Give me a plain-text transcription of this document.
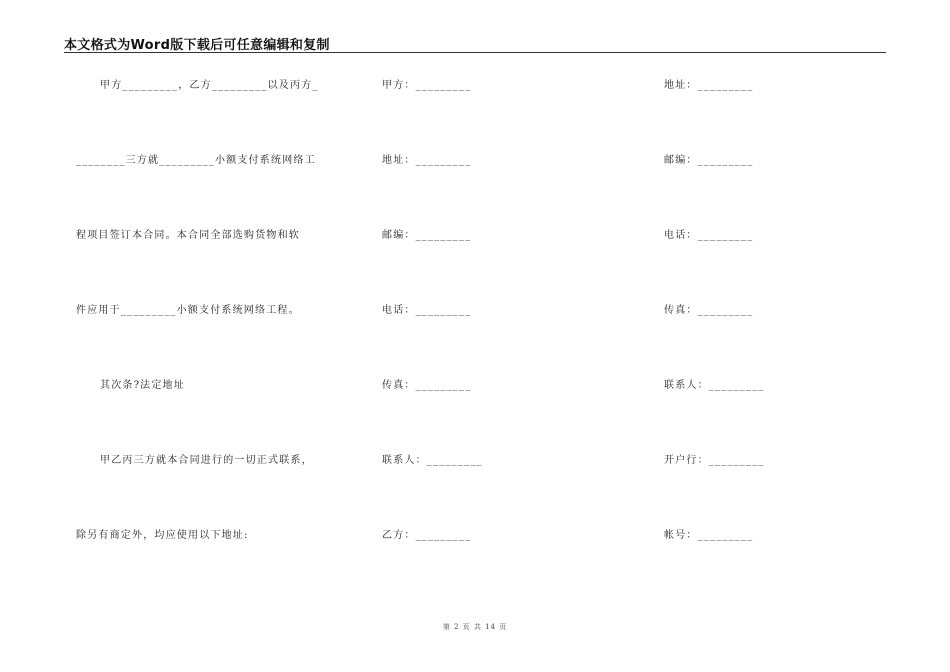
本文格式为Word版下载后可任意编辑和复制
甲方_________，乙方_________以及丙方_
________三方就_________小额支付系统网络工
程项目签订本合同。本合同全部选购货物和软
件应用于_________小额支付系统网络工程。
其次条?法定地址
甲乙丙三方就本合同进行的一切正式联系，
除另有商定外，均应使用以下地址:
甲方：_________
地址：_________
邮编：_________
电话：_________
传真：_________
联系人：_________
乙方：_________
地址：_________
邮编：_________
电话：_________
传真：_________
联系人：_________
开户行：_________
帐号：_________
第 2 页 共 14 页
